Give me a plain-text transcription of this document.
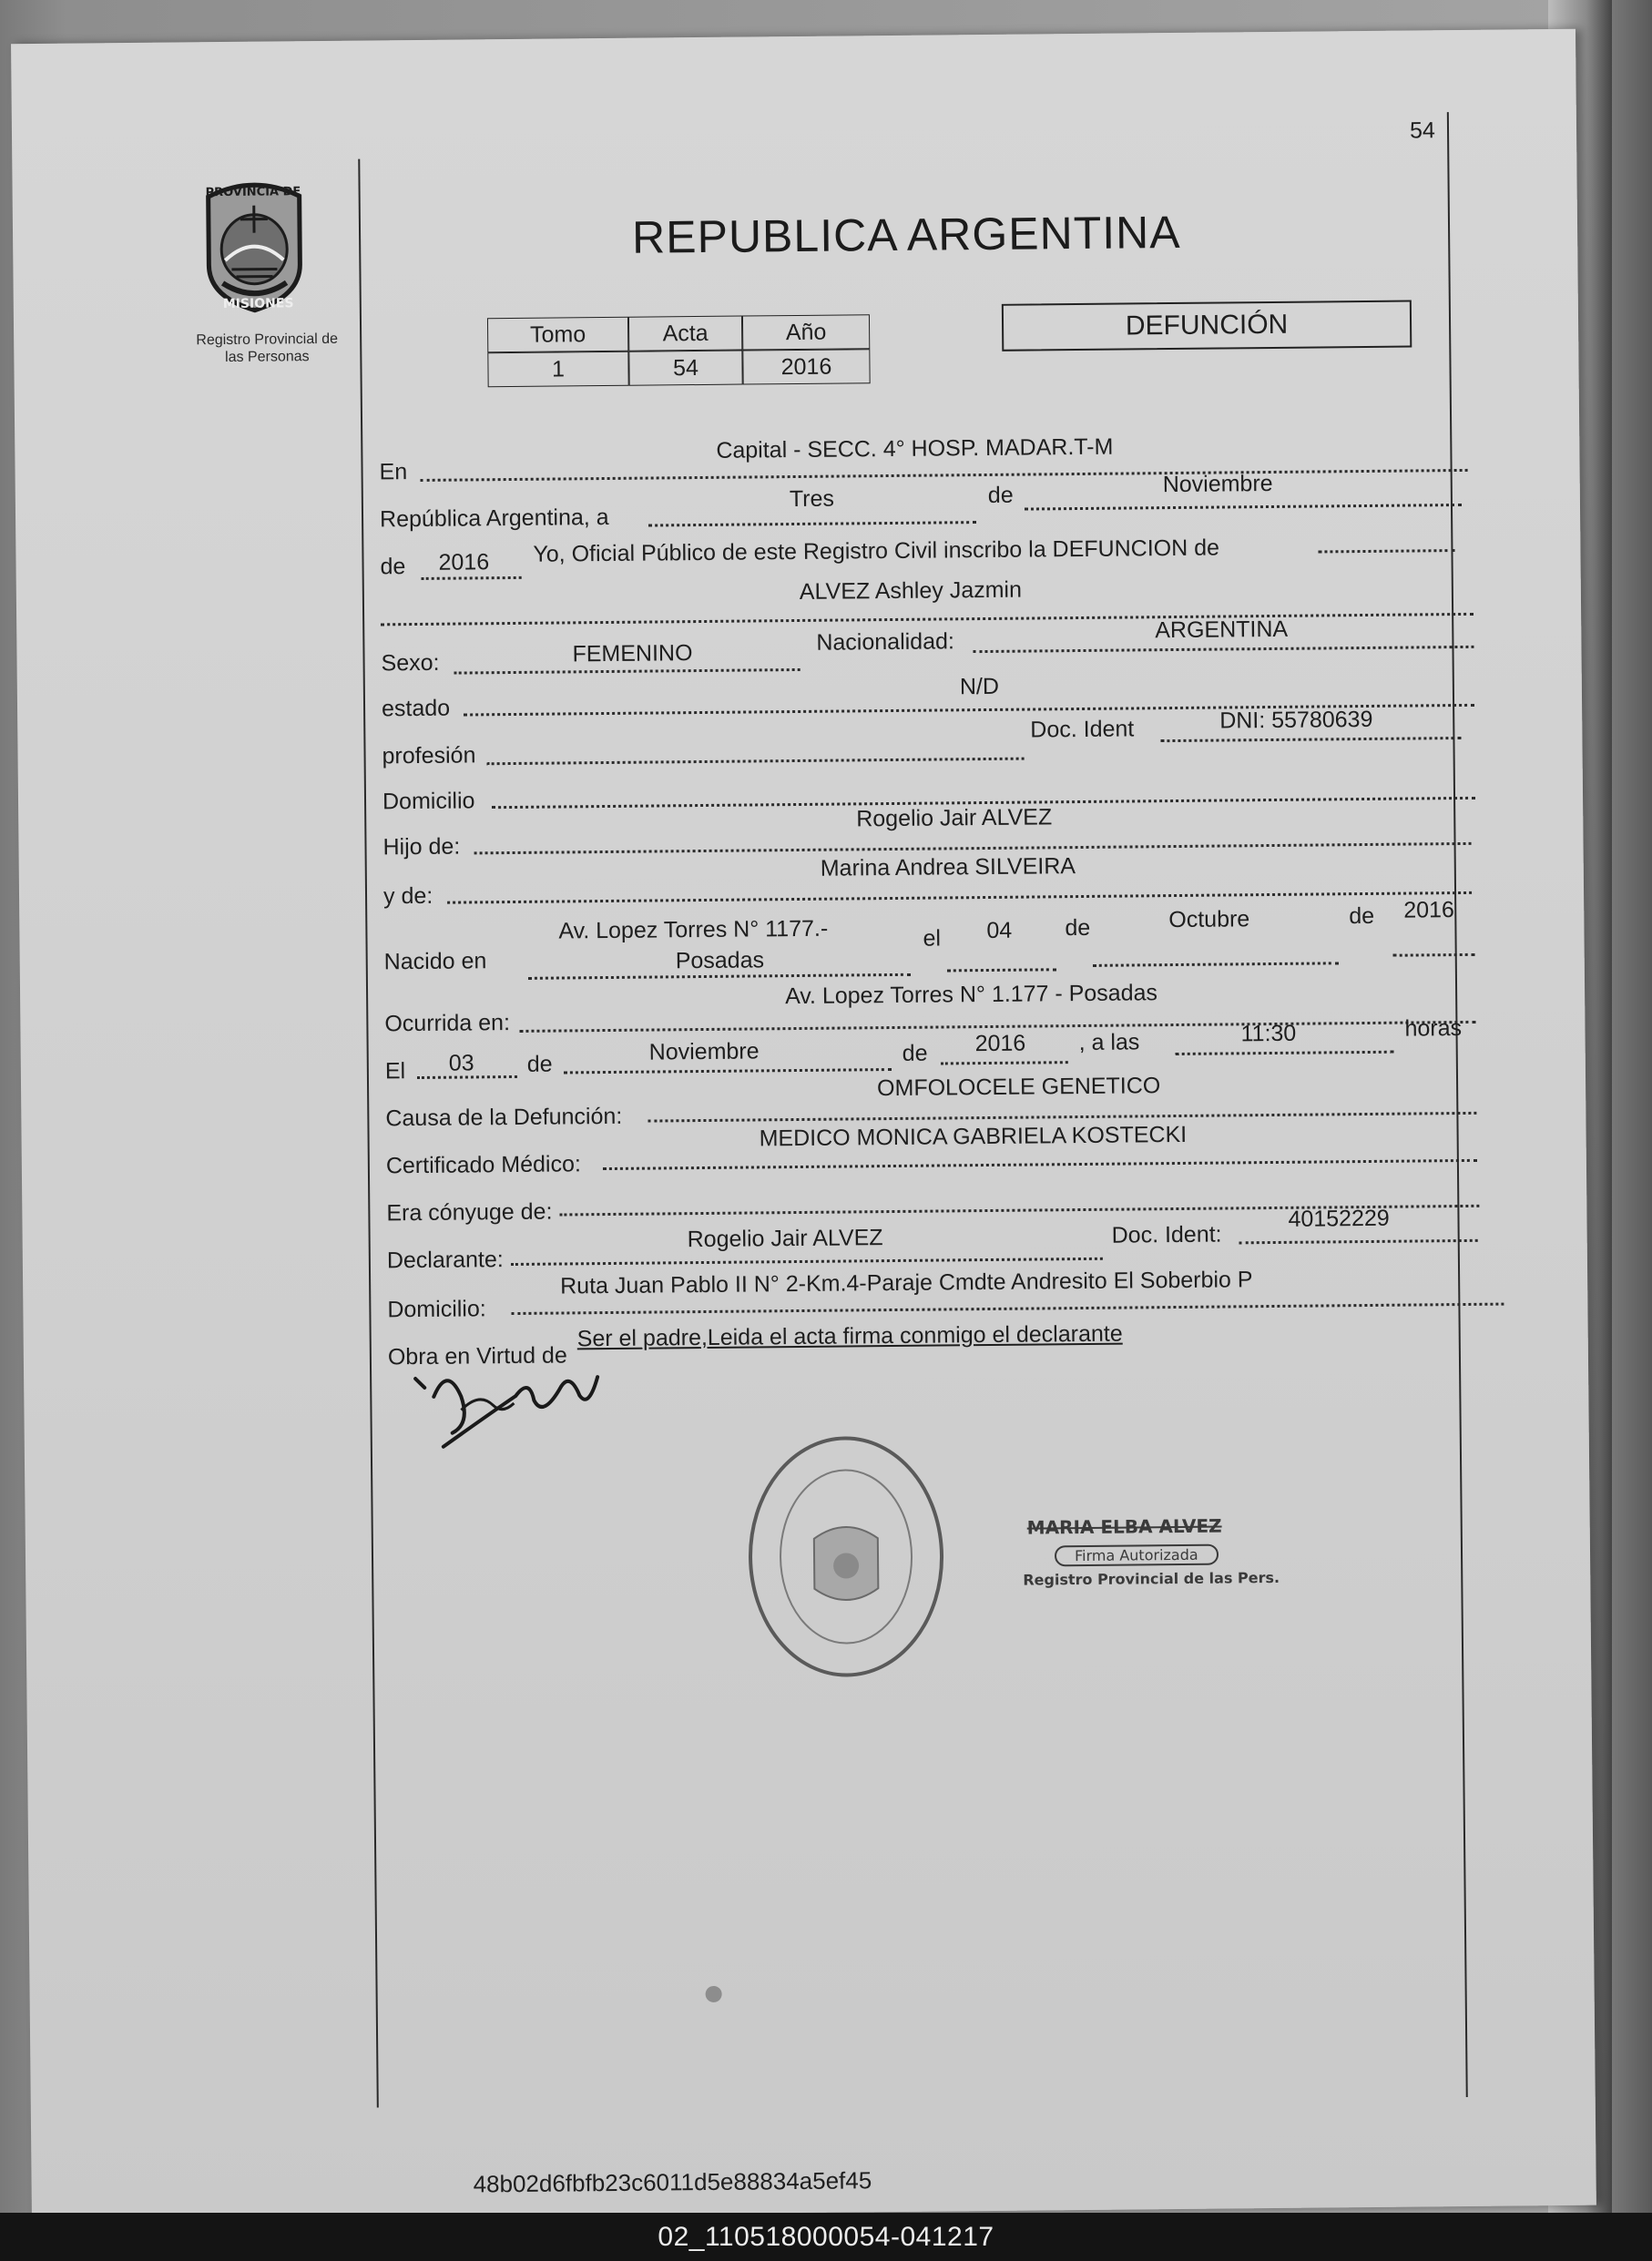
54
PROVINCIA DE
MISIONES
Registro Provincial de
las Personas
REPUBLICA ARGENTINA
Tomo	Acta	Año
1	54	2016
DEFUNCIÓN
En
Capital - SECC. 4° HOSP. MADAR.T-M
República Argentina, a
Tres	de	Noviembre
de 2016 Yo, Oficial Público de este Registro Civil inscribo la DEFUNCION de
ALVEZ Ashley Jazmin
Sexo:	FEMENINO	Nacionalidad:	ARGENTINA
estado
N/D
profesión
Doc. Ident	DNI: 55780639
Domicilio
Hijo de:
Rogelio Jair ALVEZ
y de:
Marina Andrea SILVEIRA
Nacido en
Av. Lopez Torres N° 1177.-
Posadas
el 04 de	Octubre	de 2016
Ocurrida en:
Av. Lopez Torres N° 1.177 - Posadas
El 03 de	Noviembre	de 2016 , a las	11:30	horas
Causa de la Defunción:
OMFOLOCELE GENETICO
Certificado Médico:
MEDICO MONICA GABRIELA KOSTECKI
Era cónyuge de:
Declarante:
Rogelio Jair ALVEZ	Doc. Ident:
40152229
Domicilio:
Ruta Juan Pablo II N° 2-Km.4-Paraje Cmdte Andresito El Soberbio P
Obra en Virtud de
Ser el padre,Leida el acta firma conmigo el declarante
MARIA ELBA ALVEZ
Firma Autorizada
Registro Provincial de las Pers.
48b02d6fbfb23c6011d5e88834a5ef45
02_110518000054-041217
